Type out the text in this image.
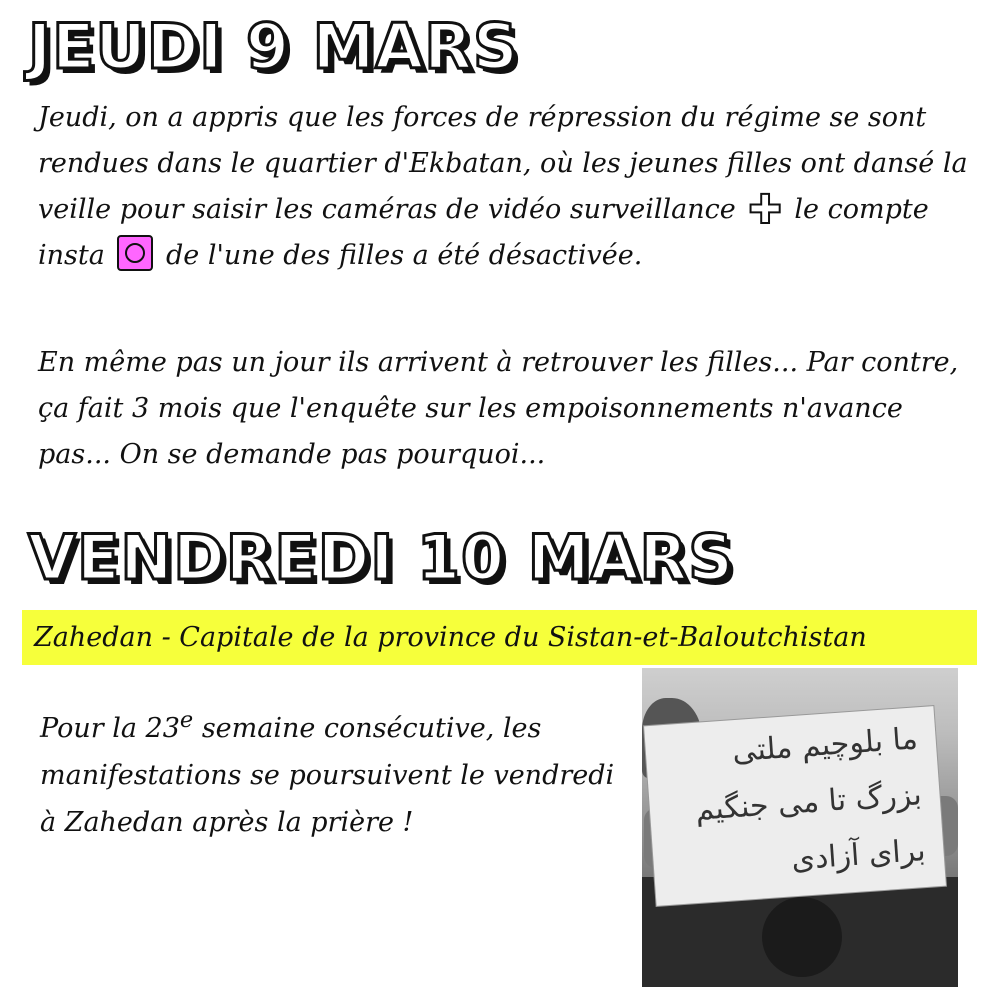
JEUDI 9 MARS

Jeudi, on a appris que les forces de répression du régime se sont rendues dans le quartier d'Ekbatan, où les jeunes filles ont dansé la veille pour saisir les caméras de vidéo surveillance ✚ le compte insta de l'une des filles a été désactivée.

En même pas un jour ils arrivent à retrouver les filles... Par contre, ça fait 3 mois que l'enquête sur les empoisonnements n'avance pas... On se demande pas pourquoi...

VENDREDI 10 MARS
Zahedan - Capitale de la province du Sistan-et-Baloutchistan

Pour la 23e semaine consécutive, les manifestations se poursuivent le vendredi à Zahedan après la prière !

ما بلوچیم ملتی
بزرگ تا می جنگیم
برای آزادی
